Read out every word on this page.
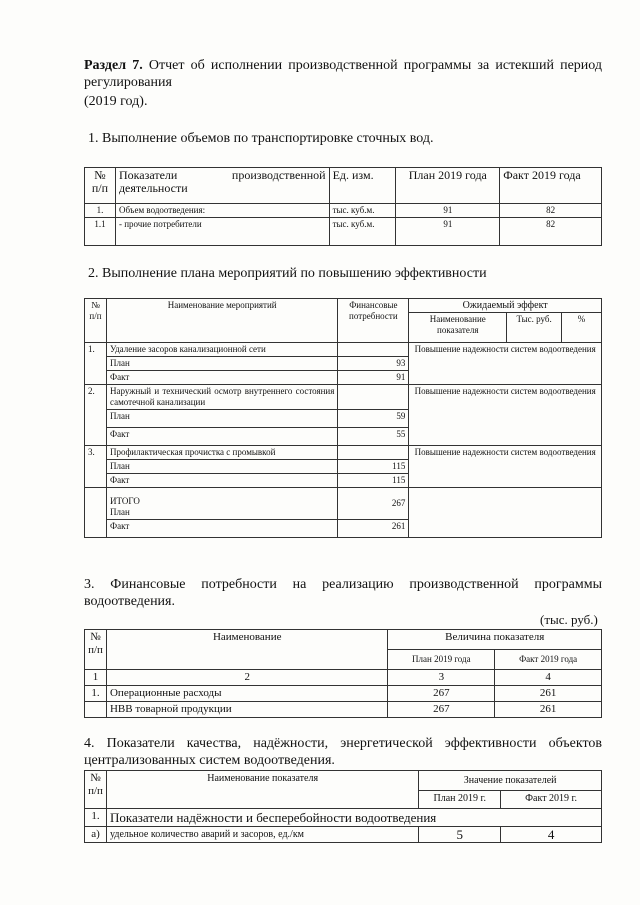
Раздел 7. Отчет об исполнении производственной программы за истекший период регулирования
(2019 год).
1. Выполнение объемов по транспортировке сточных вод.
№ п/п	Показатели производственной деятельности	Ед. изм.	План 2019 года	Факт 2019 года
1.	Объем водоотведения:	тыс. куб.м.	91	82
1.1	- прочие потребители	тыс. куб.м.	91	82
2. Выполнение плана мероприятий по повышению эффективности
№ п/п	Наименование мероприятий	Финансовые потребности	Ожидаемый эффект		
			Наименование показателя	Тыс. руб.	%
1.	Удаление засоров канализационной сети		Повышение надежности систем водоотведения		
	План	93			
	Факт	91			
2.	Наружный и технический осмотр внутреннего состояния самотечной канализации		Повышение надежности систем водоотведения		
	План	59			
	Факт	55			
3.	Профилактическая прочистка с промывкой		Повышение надежности систем водоотведения		
	План	115			
	Факт	115			

	ИТОГО
План	267			
	Факт	261			
3. Финансовые потребности на реализацию производственной программы водоотведения.
(тыс. руб.)
№ п/п	Наименование	Величина показателя	
		План 2019 года	Факт 2019 года
1	2	3	4
1.	Операционные расходы	267	261
	НВВ товарной продукции	267	261
4. Показатели качества, надёжности, энергетической эффективности объектов централизованных систем водоотведения.
№ п/п	Наименование показателя	Значение показателей	
		План 2019 г.	Факт 2019 г.
1.	Показатели надёжности и бесперебойности водоотведения		
а)	удельное количество аварий и засоров, ед./км	5	4
